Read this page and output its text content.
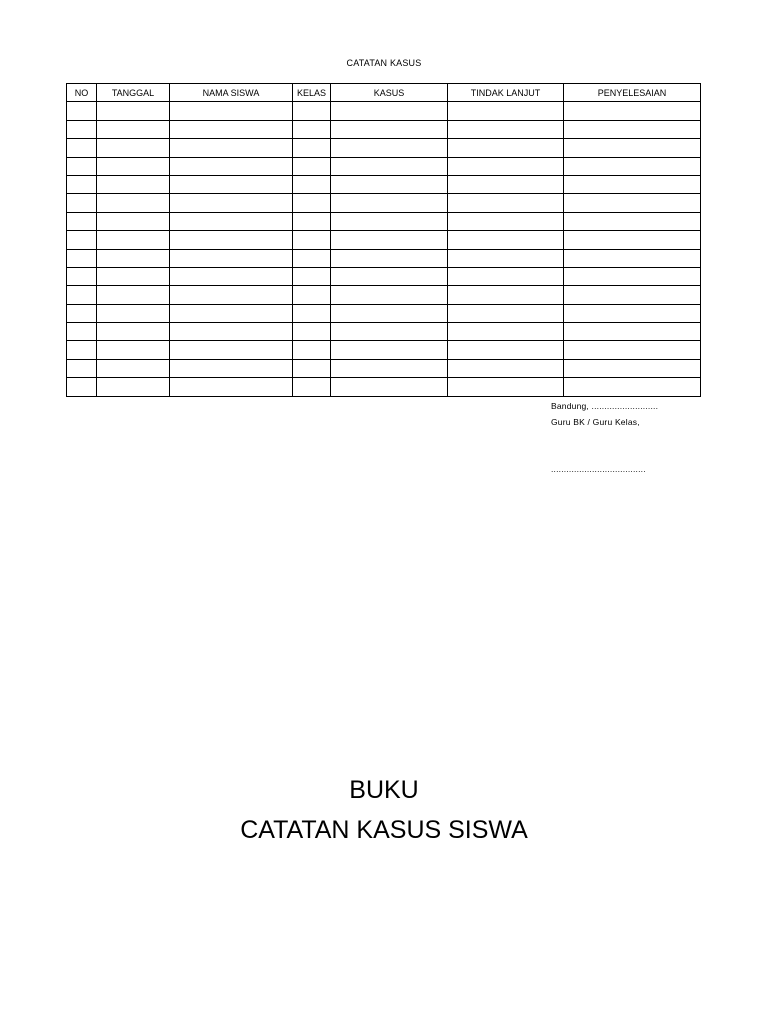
CATATAN KASUS
NO	TANGGAL	NAMA SISWA	KELAS	KASUS	TINDAK LANJUT	PENYELESAIAN

Bandung, ..........................
Guru BK / Guru Kelas,
.....................................
BUKU
CATATAN KASUS SISWA
